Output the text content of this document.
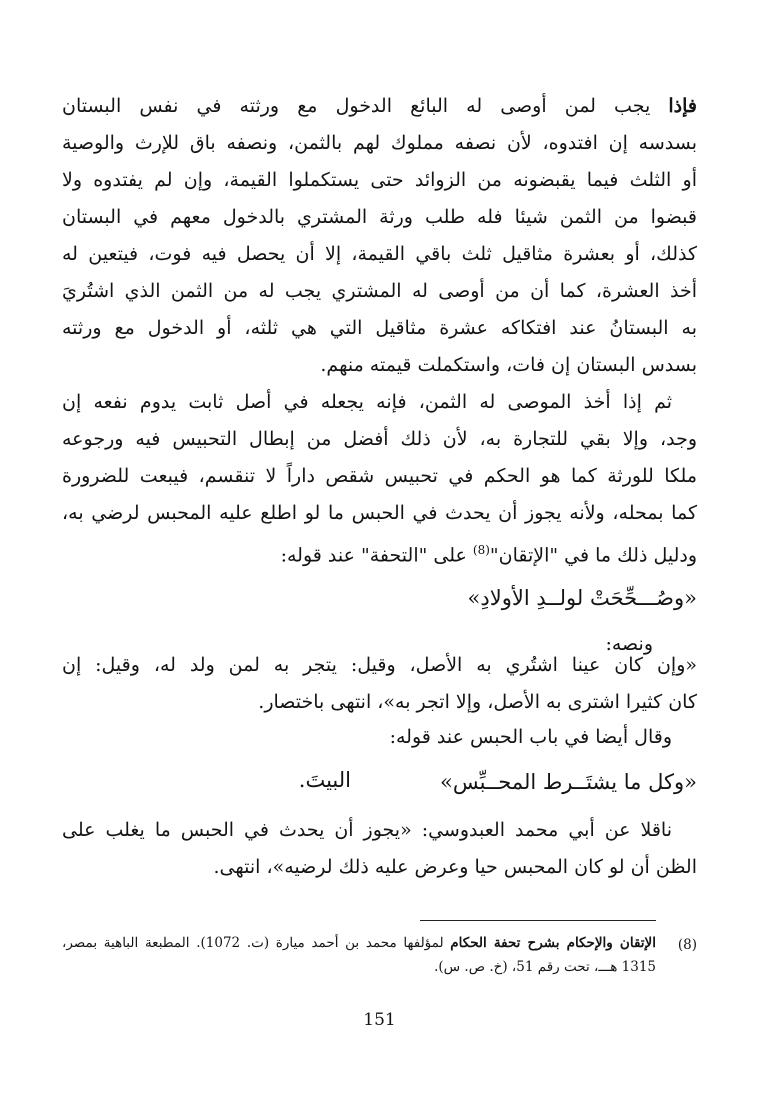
فإذا يجب لمن أوصى له البائع الدخول مع ورثته في نفس البستان
بسدسه إن افتدوه، لأن نصفه مملوك لهم بالثمن، ونصفه باق للإرث والوصية
أو الثلث فيما يقبضونه من الزوائد حتى يستكملوا القيمة، وإن لم يفتدوه ولا
قبضوا من الثمن شيئا فله طلب ورثة المشتري بالدخول معهم في البستان
كذلك، أو بعشرة مثاقيل ثلث باقي القيمة، إلا أن يحصل فيه فوت، فيتعين له
أخذ العشرة، كما أن من أوصى له المشتري يجب له من الثمن الذي اشتُريَ
به البستانُ عند افتكاكه عشرة مثاقيل التي هي ثلثه، أو الدخول مع ورثته
بسدس البستان إن فات، واستكملت قيمته منهم.
ثم إذا أخذ الموصى له الثمن، فإنه يجعله في أصل ثابت يدوم نفعه إن
وجد، وإلا بقي للتجارة به، لأن ذلك أفضل من إبطال التحبيس فيه ورجوعه
ملكا للورثة كما هو الحكم في تحبيس شقص داراً لا تنقسم، فيبعت للضرورة
كما بمحله، ولأنه يجوز أن يحدث في الحبس ما لو اطلع عليه المحبس لرضي به،
ودليل ذلك ما في "الإتقان"$^{(8)}$ على "التحفة" عند قوله:
«وصُـــحِّحَتْ لولــدِ الأولادِ»
ونصه:
«وإن كان عينا اشتُري به الأصل، وقيل: يتجر به لمن ولد له، وقيل: إن
كان كثيرا اشترى به الأصل، وإلا اتجر به»، انتهى باختصار.
وقال أيضا في باب الحبس عند قوله:
«وكل ما يشتَــرط المحــبِّس»
البيتَ.
ناقلا عن أبي محمد العبدوسي: «يجوز أن يحدث في الحبس ما يغلب على
الظن أن لو كان المحبس حيا وعرض عليه ذلك لرضيه»، انتهى.
(8)
الإتقان والإحكام بشرح تحفة الحكام لمؤلفها محمد بن أحمد ميارة (ت. 1072). المطبعة الباهية بمصر،
1315 هـــ، تحت رقم 51، (خ. ص. س).
151
